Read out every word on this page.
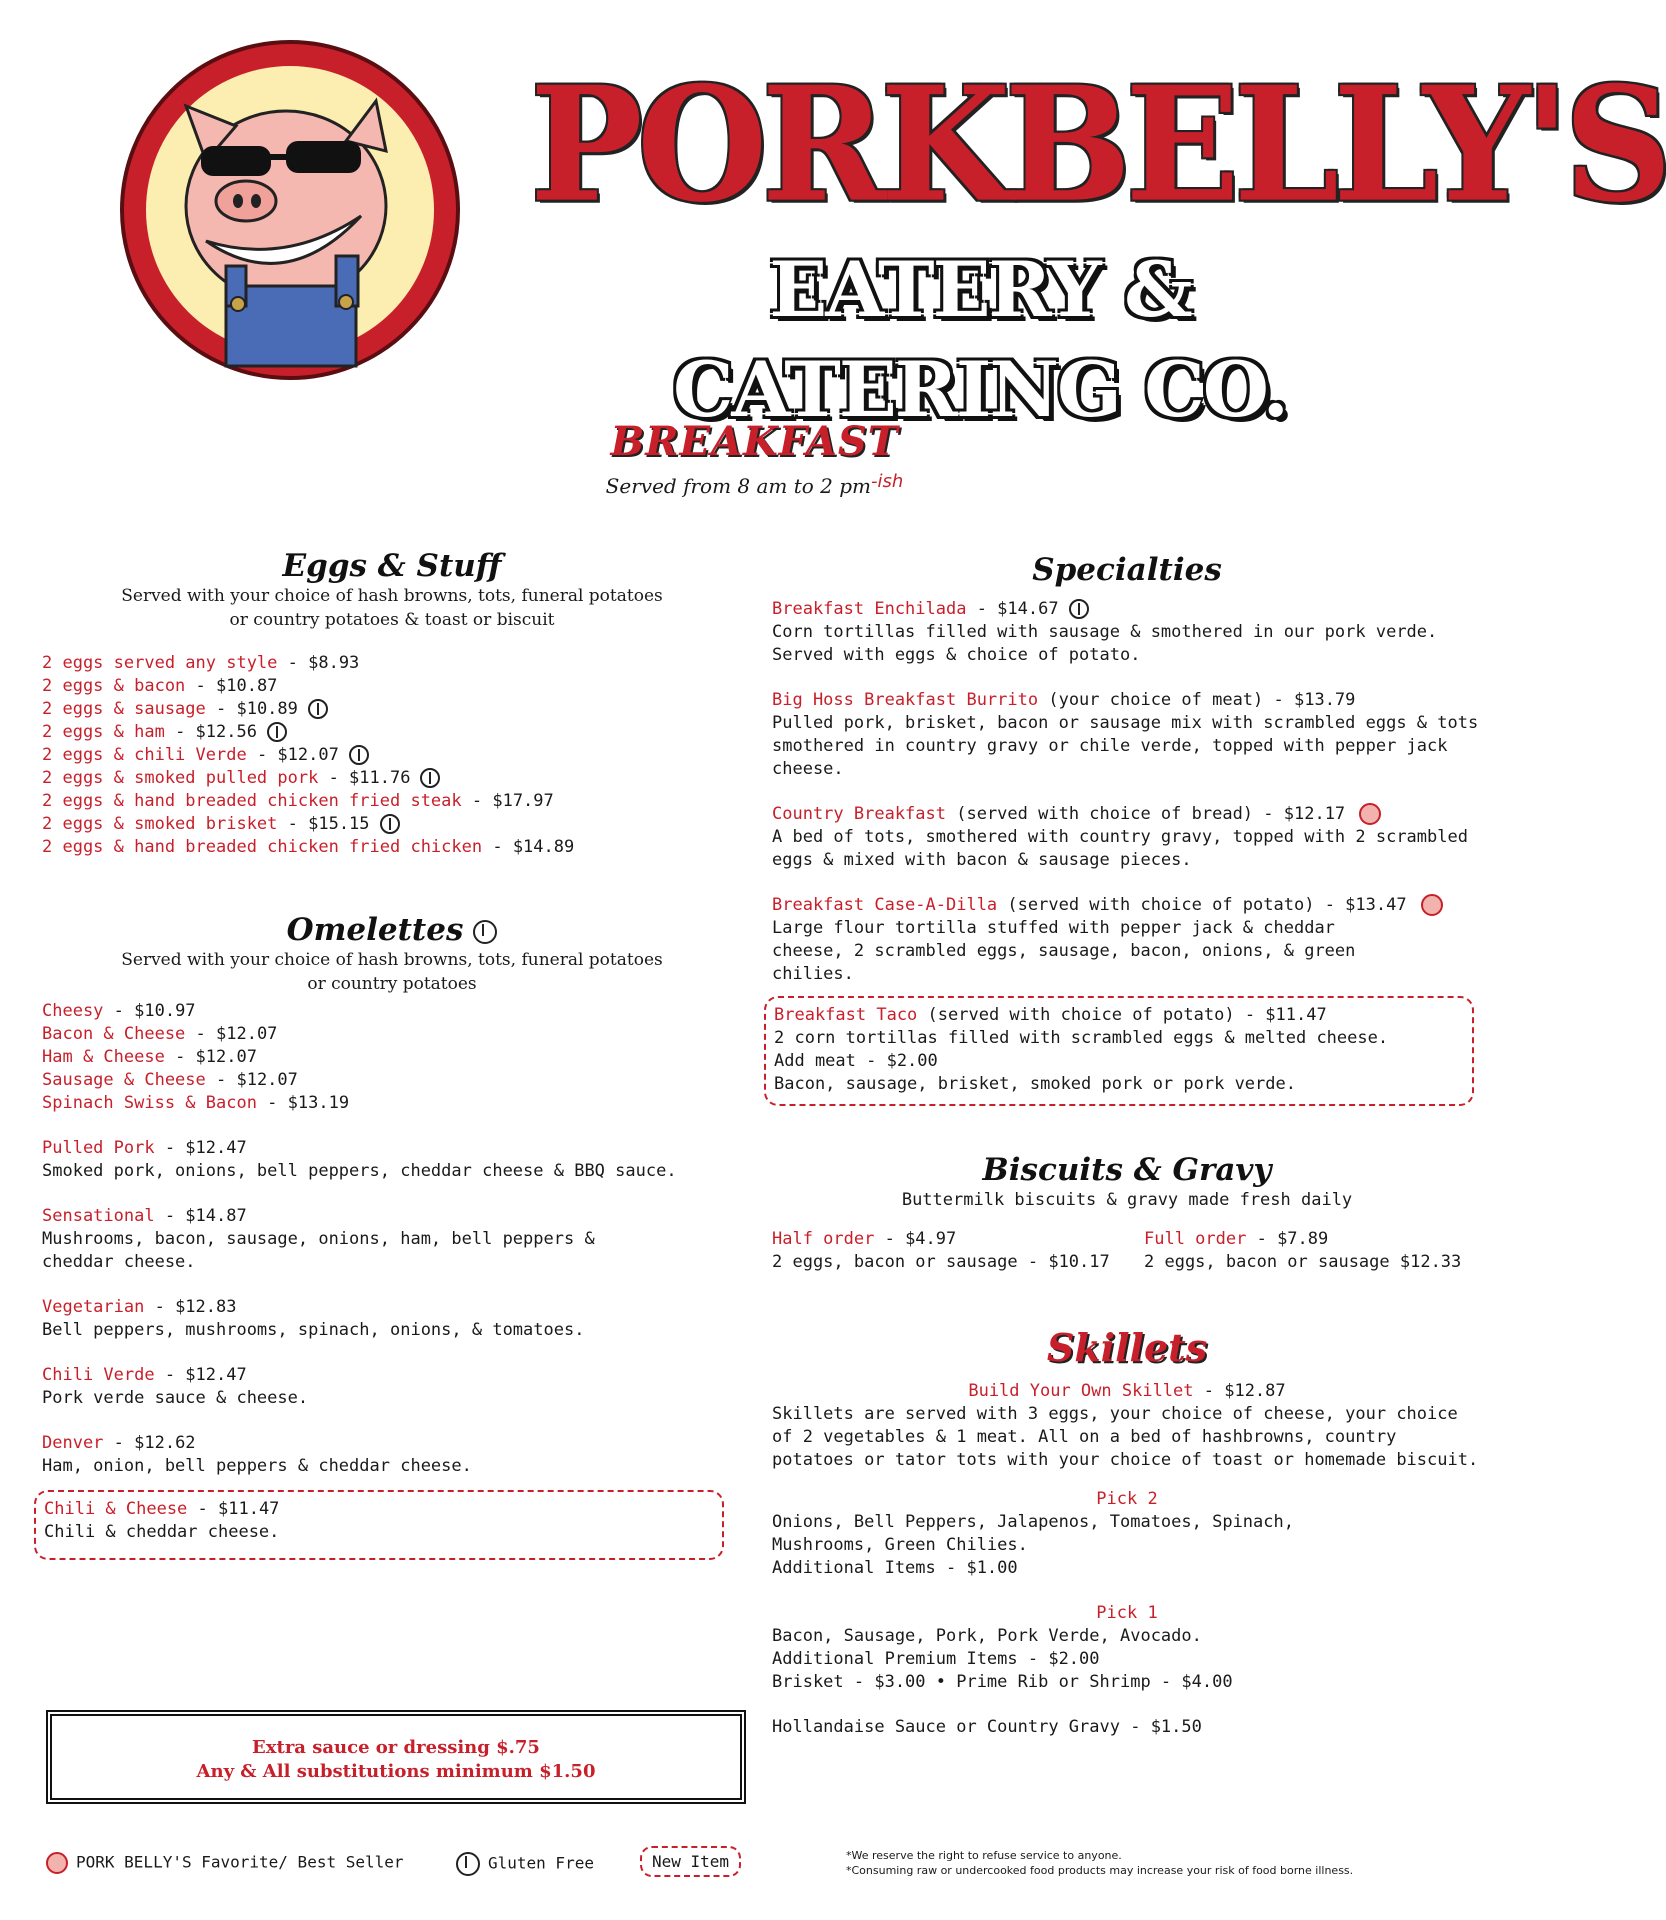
PORKBELLY'S
EATERY & CATERING CO.
BREAKFAST
Served from 8 am to 2 pm-ish
Eggs & Stuff
Served with your choice of hash browns, tots, funeral potatoes
or country potatoes & toast or biscuit
2 eggs served any style - $8.93
2 eggs & bacon - $10.87
2 eggs & sausage - $10.89
2 eggs & ham - $12.56
2 eggs & chili Verde - $12.07
2 eggs & smoked pulled pork - $11.76
2 eggs & hand breaded chicken fried steak - $17.97
2 eggs & smoked brisket - $15.15
2 eggs & hand breaded chicken fried chicken - $14.89
Omelettes
Served with your choice of hash browns, tots, funeral potatoes
or country potatoes
Cheesy - $10.97
Bacon & Cheese - $12.07
Ham & Cheese - $12.07
Sausage & Cheese - $12.07
Spinach Swiss & Bacon - $13.19
Pulled Pork - $12.47
Smoked pork, onions, bell peppers, cheddar cheese & BBQ sauce.
Sensational - $14.87
Mushrooms, bacon, sausage, onions, ham, bell peppers & cheddar cheese.
Vegetarian - $12.83
Bell peppers, mushrooms, spinach, onions, & tomatoes.
Chili Verde - $12.47
Pork verde sauce & cheese.
Denver - $12.62
Ham, onion, bell peppers & cheddar cheese.
Chili & Cheese - $11.47
Chili & cheddar cheese.
Extra sauce or dressing $.75
Any & All substitutions minimum $1.50
Specialties
Breakfast Enchilada - $14.67
Corn tortillas filled with sausage & smothered in our pork verde. Served with eggs & choice of potato.
Big Hoss Breakfast Burrito (your choice of meat) - $13.79
Pulled pork, brisket, bacon or sausage mix with scrambled eggs & tots smothered in country gravy or chile verde, topped with pepper jack cheese.
Country Breakfast (served with choice of bread) - $12.17
A bed of tots, smothered with country gravy, topped with 2 scrambled eggs & mixed with bacon & sausage pieces.
Breakfast Case-A-Dilla (served with choice of potato) - $13.47
Large flour tortilla stuffed with pepper jack & cheddar cheese, 2 scrambled eggs, sausage, bacon, onions, & green chilies.
Breakfast Taco (served with choice of potato) - $11.47
2 corn tortillas filled with scrambled eggs & melted cheese.
Add meat - $2.00
Bacon, sausage, brisket, smoked pork or pork verde.
Biscuits & Gravy
Buttermilk biscuits & gravy made fresh daily
Half order - $4.97
2 eggs, bacon or sausage - $10.17
Full order - $7.89
2 eggs, bacon or sausage $12.33
Skillets
Build Your Own Skillet - $12.87
Skillets are served with 3 eggs, your choice of cheese, your choice of 2 vegetables & 1 meat. All on a bed of hashbrowns, country potatoes or tator tots with your choice of toast or homemade biscuit.
Pick 2
Onions, Bell Peppers, Jalapenos, Tomatoes, Spinach,
Mushrooms, Green Chilies.
Additional Items - $1.00
Pick 1
Bacon, Sausage, Pork, Pork Verde, Avocado.
Additional Premium Items - $2.00
Brisket - $3.00 • Prime Rib or Shrimp - $4.00
Hollandaise Sauce or Country Gravy - $1.50
PORK BELLY'S Favorite/ Best Seller	Gluten Free	New Item	*We reserve the right to refuse service to anyone.
*Consuming raw or undercooked food products may increase your risk of food borne illness.
